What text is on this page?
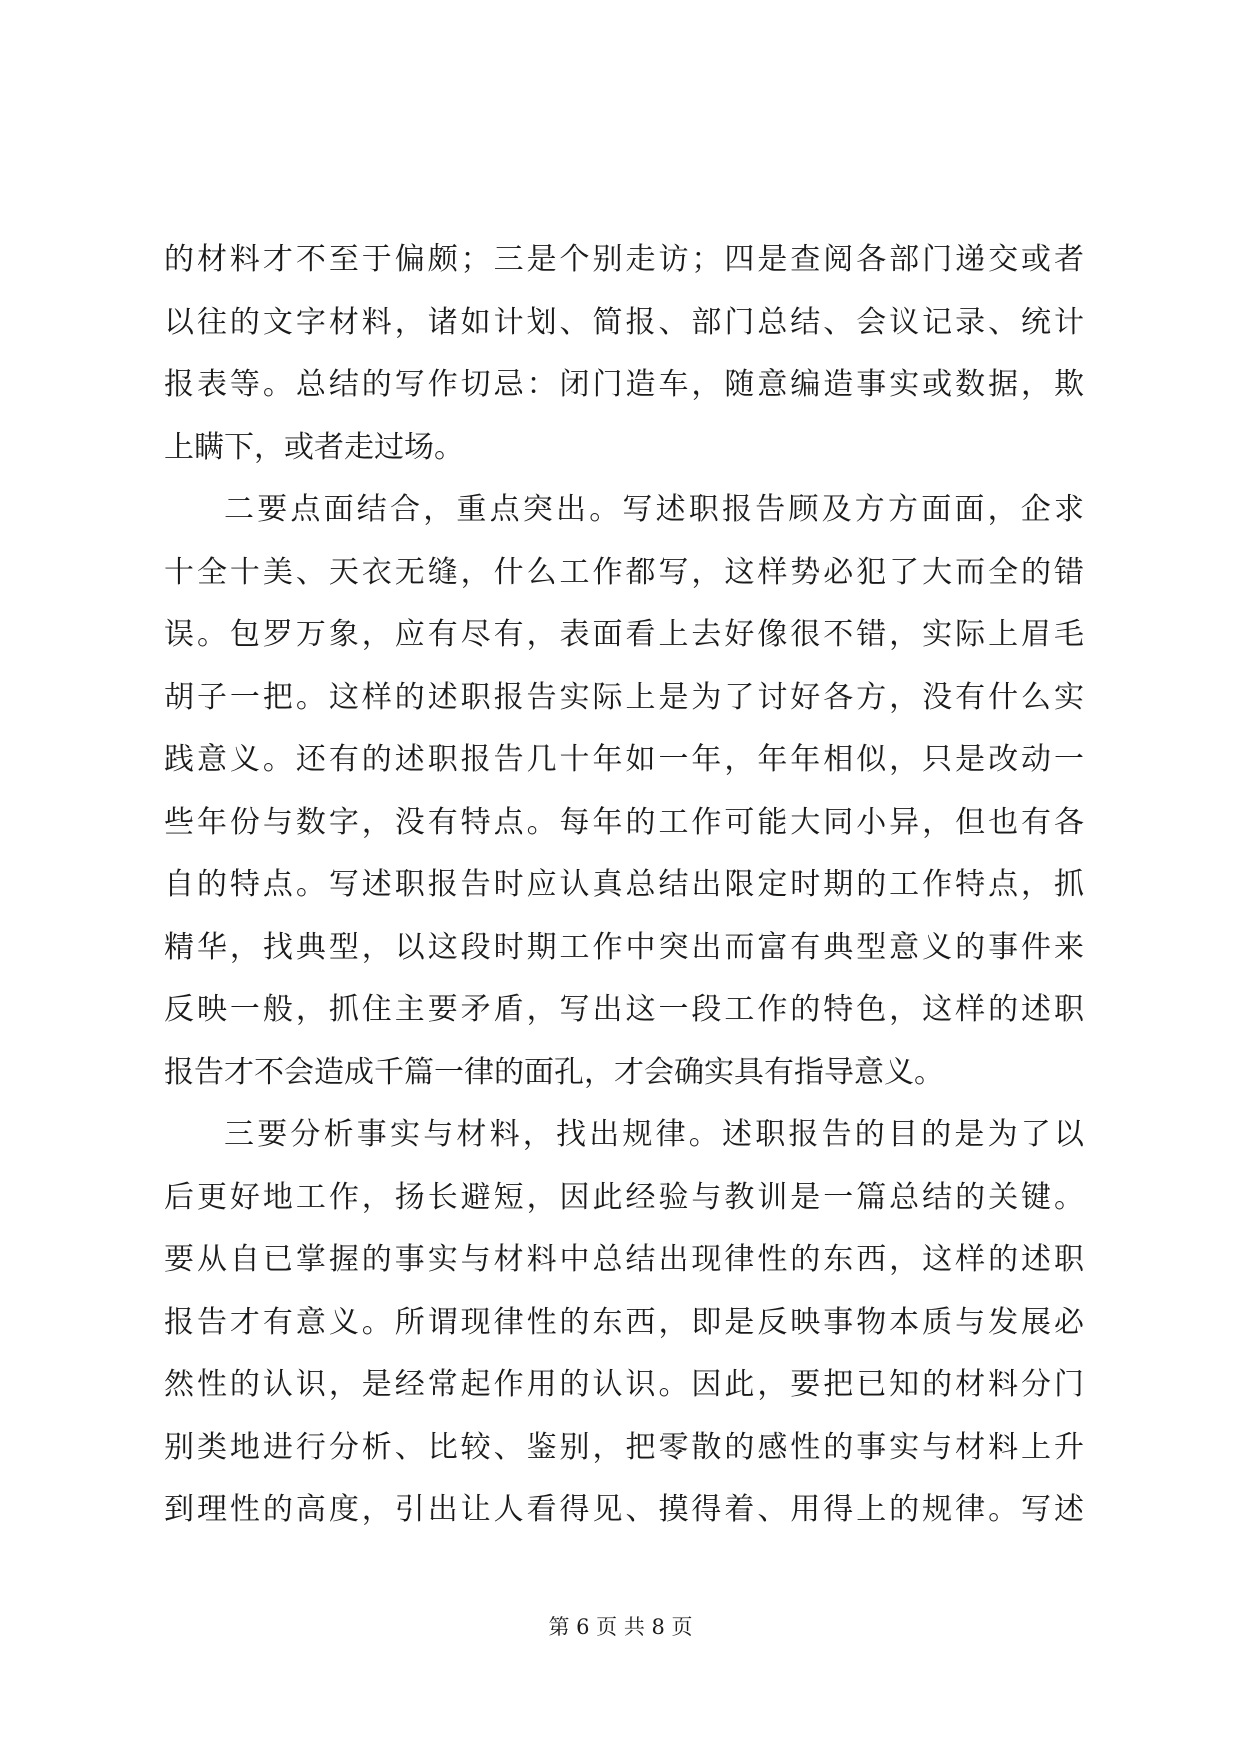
的材料才不至于偏颇；三是个别走访；四是查阅各部门递交或者
以往的文字材料，诸如计划、简报、部门总结、会议记录、统计
报表等。总结的写作切忌：闭门造车，随意编造事实或数据，欺
上瞒下，或者走过场。
二要点面结合，重点突出。写述职报告顾及方方面面，企求
十全十美、天衣无缝，什么工作都写，这样势必犯了大而全的错
误。包罗万象，应有尽有，表面看上去好像很不错，实际上眉毛
胡子一把。这样的述职报告实际上是为了讨好各方，没有什么实
践意义。还有的述职报告几十年如一年，年年相似，只是改动一
些年份与数字，没有特点。每年的工作可能大同小异，但也有各
自的特点。写述职报告时应认真总结出限定时期的工作特点，抓
精华，找典型，以这段时期工作中突出而富有典型意义的事件来
反映一般，抓住主要矛盾，写出这一段工作的特色，这样的述职
报告才不会造成千篇一律的面孔，才会确实具有指导意义。
三要分析事实与材料，找出规律。述职报告的目的是为了以
后更好地工作，扬长避短，因此经验与教训是一篇总结的关键。
要从自已掌握的事实与材料中总结出现律性的东西，这样的述职
报告才有意义。所谓现律性的东西，即是反映事物本质与发展必
然性的认识，是经常起作用的认识。因此，要把已知的材料分门
别类地进行分析、比较、鉴别，把零散的感性的事实与材料上升
到理性的高度，引出让人看得见、摸得着、用得上的规律。写述
第 6 页 共 8 页
